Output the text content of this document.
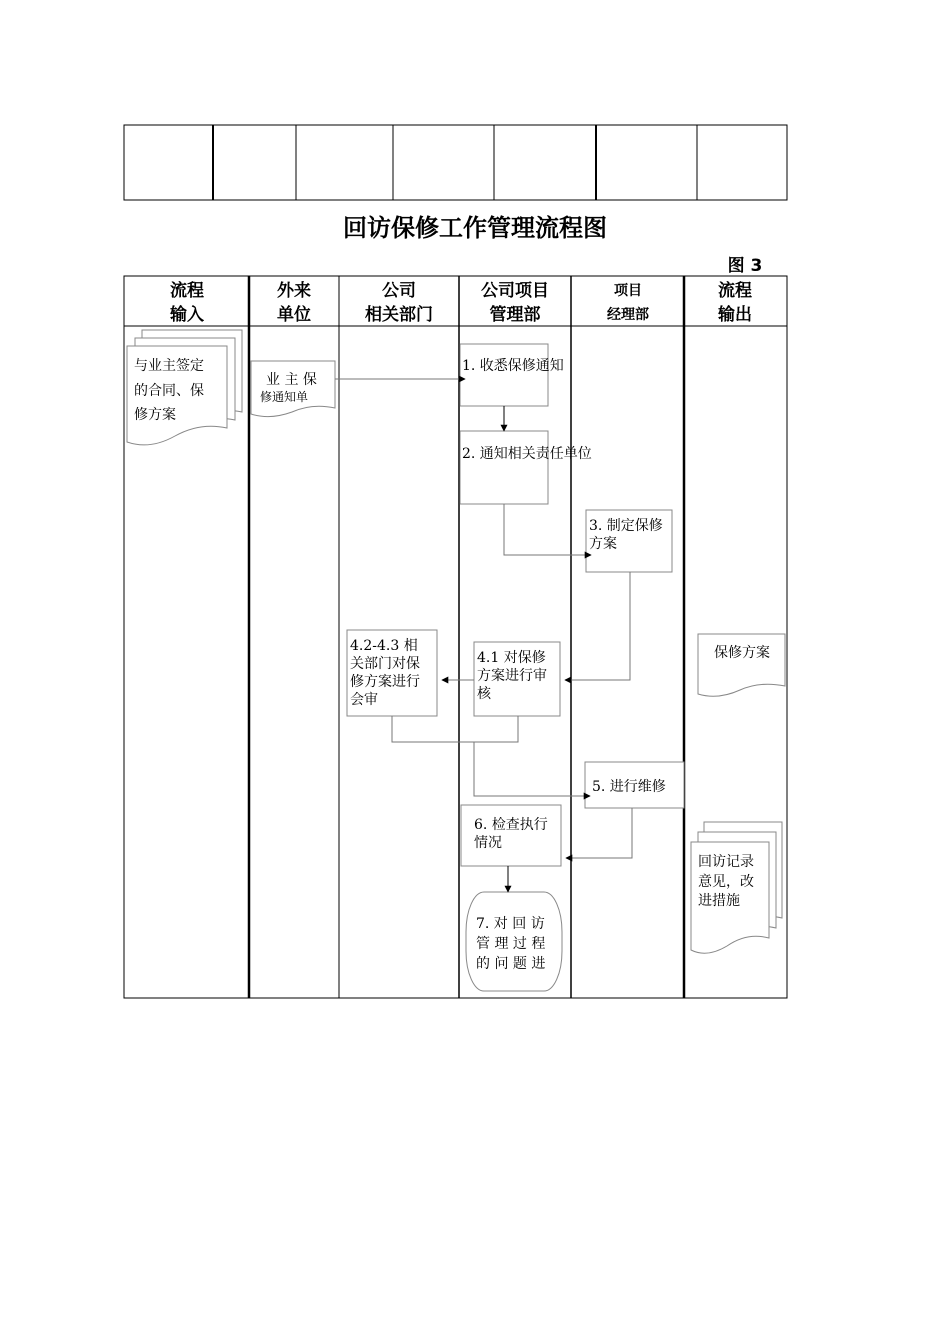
回访保修工作管理流程图
图 3
流程
输入
外来
单位
公司
相关部门
公司项目
管理部
项目
经理部
流程
输出
与业主签定
的合同、保
修方案
业 主 保
修通知单
1. 收悉保修通知
2. 通知相关责任单位
3. 制定保修
方案
4.1 对保修
方案进行审
核
4.2-4.3 相
关部门对保
修方案进行
会审
5. 进行维修
6. 检查执行
情况
7. 对 回 访
管 理 过 程
的 问 题 进
保修方案
回访记录
意见，改
进措施
